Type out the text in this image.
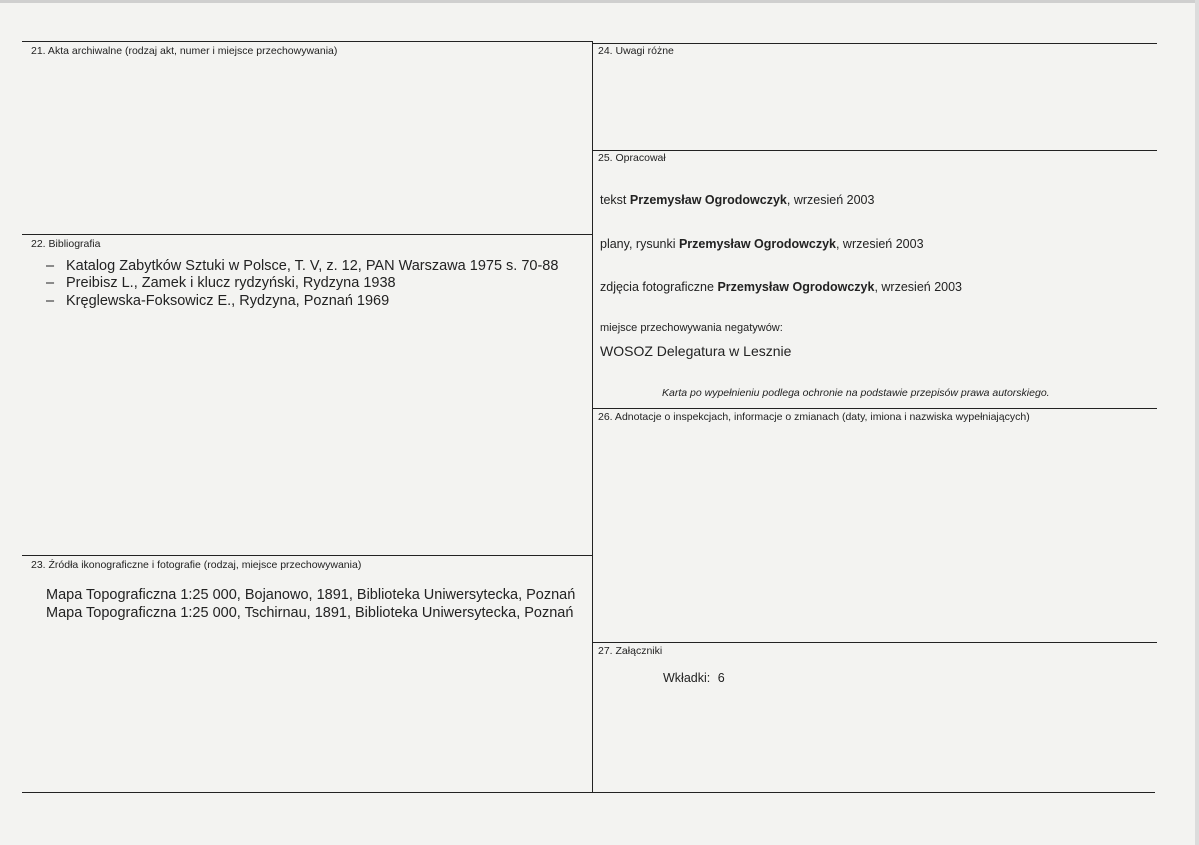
21. Akta archiwalne (rodzaj akt, numer i miejsce przechowywania)
22. Bibliografia
– Katalog Zabytków Sztuki w Polsce, T. V, z. 12, PAN Warszawa 1975 s. 70-88
– Preibisz L., Zamek i klucz rydzyński, Rydzyna 1938
– Kręglewska-Foksowicz E., Rydzyna, Poznań 1969
23. Źródła ikonograficzne i fotografie (rodzaj, miejsce przechowywania)
Mapa Topograficzna 1:25 000, Bojanowo, 1891, Biblioteka Uniwersytecka, Poznań
Mapa Topograficzna 1:25 000, Tschirnau, 1891, Biblioteka Uniwersytecka, Poznań
24. Uwagi różne
25. Opracował
tekst Przemysław Ogrodowczyk, wrzesień 2003
plany, rysunki Przemysław Ogrodowczyk, wrzesień 2003
zdjęcia fotograficzne Przemysław Ogrodowczyk, wrzesień 2003
miejsce przechowywania negatywów:
WOSOZ Delegatura w Lesznie
Karta po wypełnieniu podlega ochronie na podstawie przepisów prawa autorskiego.
26. Adnotacje o inspekcjach, informacje o zmianach (daty, imiona i nazwiska wypełniających)
27. Załączniki
Wkładki: 6
